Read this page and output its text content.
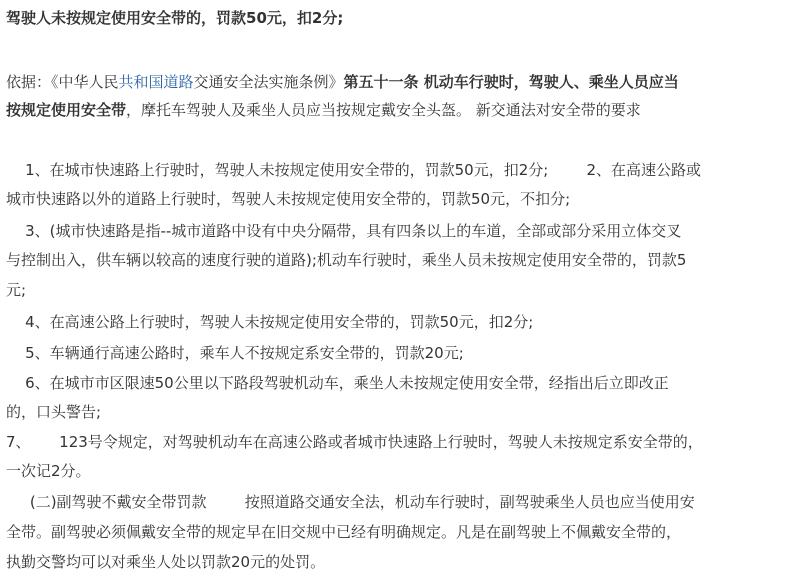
驾驶人未按规定使用安全带的，罚款50元，扣2分;
依据：《中华人民共和国道路交通安全法实施条例》第五十一条 机动车行驶时，驾驶人、乘坐人员应当
按规定使用安全带，摩托车驾驶人及乘坐人员应当按规定戴安全头盔。 新交通法对安全带的要求
1、在城市快速路上行驶时，驾驶人未按规定使用安全带的，罚款50元，扣2分;        2、在高速公路或
城市快速路以外的道路上行驶时，驾驶人未按规定使用安全带的，罚款50元，不扣分;
3、(城市快速路是指--城市道路中设有中央分隔带，具有四条以上的车道，全部或部分采用立体交叉
与控制出入，供车辆以较高的速度行驶的道路);机动车行驶时，乘坐人员未按规定使用安全带的，罚款5
元;
4、在高速公路上行驶时，驾驶人未按规定使用安全带的，罚款50元，扣2分;
5、车辆通行高速公路时，乘车人不按规定系安全带的，罚款20元;
6、在城市市区限速50公里以下路段驾驶机动车，乘坐人未按规定使用安全带，经指出后立即改正
的，口头警告;
7、      123号令规定，对驾驶机动车在高速公路或者城市快速路上行驶时，驾驶人未按规定系安全带的，
一次记2分。
(二)副驾驶不戴安全带罚款        按照道路交通安全法，机动车行驶时，副驾驶乘坐人员也应当使用安
全带。副驾驶必须佩戴安全带的规定早在旧交规中已经有明确规定。凡是在副驾驶上不佩戴安全带的，
执勤交警均可以对乘坐人处以罚款20元的处罚。
